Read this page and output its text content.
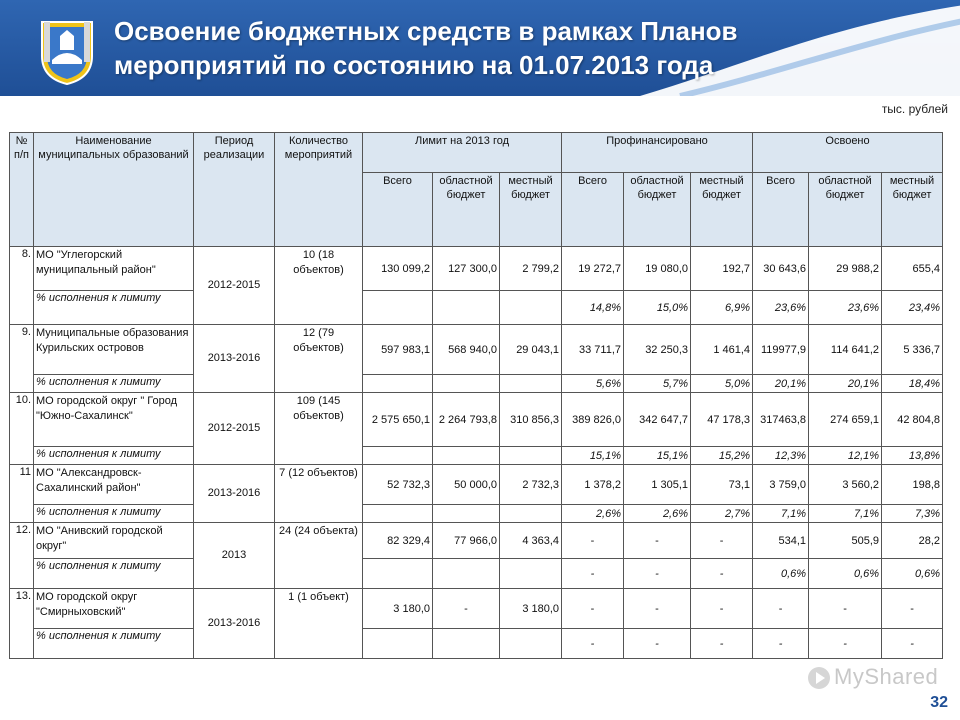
Освоение бюджетных средств в рамках Планов
мероприятий по состоянию на 01.07.2013 года
тыс. рублей
№ п/п	Наименование муниципальных образований	Период реализации	Количество мероприятий	Лимит на 2013 год			Профинансировано			Освоено		
				Всего	областной бюджет	местный бюджет	Всего	областной бюджет	местный бюджет	Всего	областной бюджет	местный бюджет
8.	МО "Углегорский муниципальный район"	2012-2015	10 (18 объектов)	130 099,2	127 300,0	2 799,2	19 272,7	19 080,0	192,7	30 643,6	29 988,2	655,4
	% исполнения к лимиту						14,8%	15,0%	6,9%	23,6%	23,6%	23,4%
9.	Муниципальные образования Курильских островов	2013-2016	12 (79 объектов)	597 983,1	568 940,0	29 043,1	33 711,7	32 250,3	1 461,4	119977,9	114 641,2	5 336,7
	% исполнения к лимиту						5,6%	5,7%	5,0%	20,1%	20,1%	18,4%
10.	МО городской округ " Город "Южно-Сахалинск"	2012-2015	109 (145 объектов)	2 575 650,1	2 264 793,8	310 856,3	389 826,0	342 647,7	47 178,3	317463,8	274 659,1	42 804,8
	% исполнения к лимиту						15,1%	15,1%	15,2%	12,3%	12,1%	13,8%
11	МО "Александровск-Сахалинский район"	2013-2016	7 (12 объектов)	52 732,3	50 000,0	2 732,3	1 378,2	1 305,1	73,1	3 759,0	3 560,2	198,8
	% исполнения к лимиту						2,6%	2,6%	2,7%	7,1%	7,1%	7,3%
12.	МО "Анивский городской округ"	2013	24 (24 объекта)	82 329,4	77 966,0	4 363,4	-	-	-	534,1	505,9	28,2
	% исполнения к лимиту						-	-	-	0,6%	0,6%	0,6%
13.	МО городской округ "Смирныховский"	2013-2016	1 (1 объект)	3 180,0	-	3 180,0	-	-	-	-	-	-
	% исполнения к лимиту						-	-	-	-	-	-
MyShared
32
